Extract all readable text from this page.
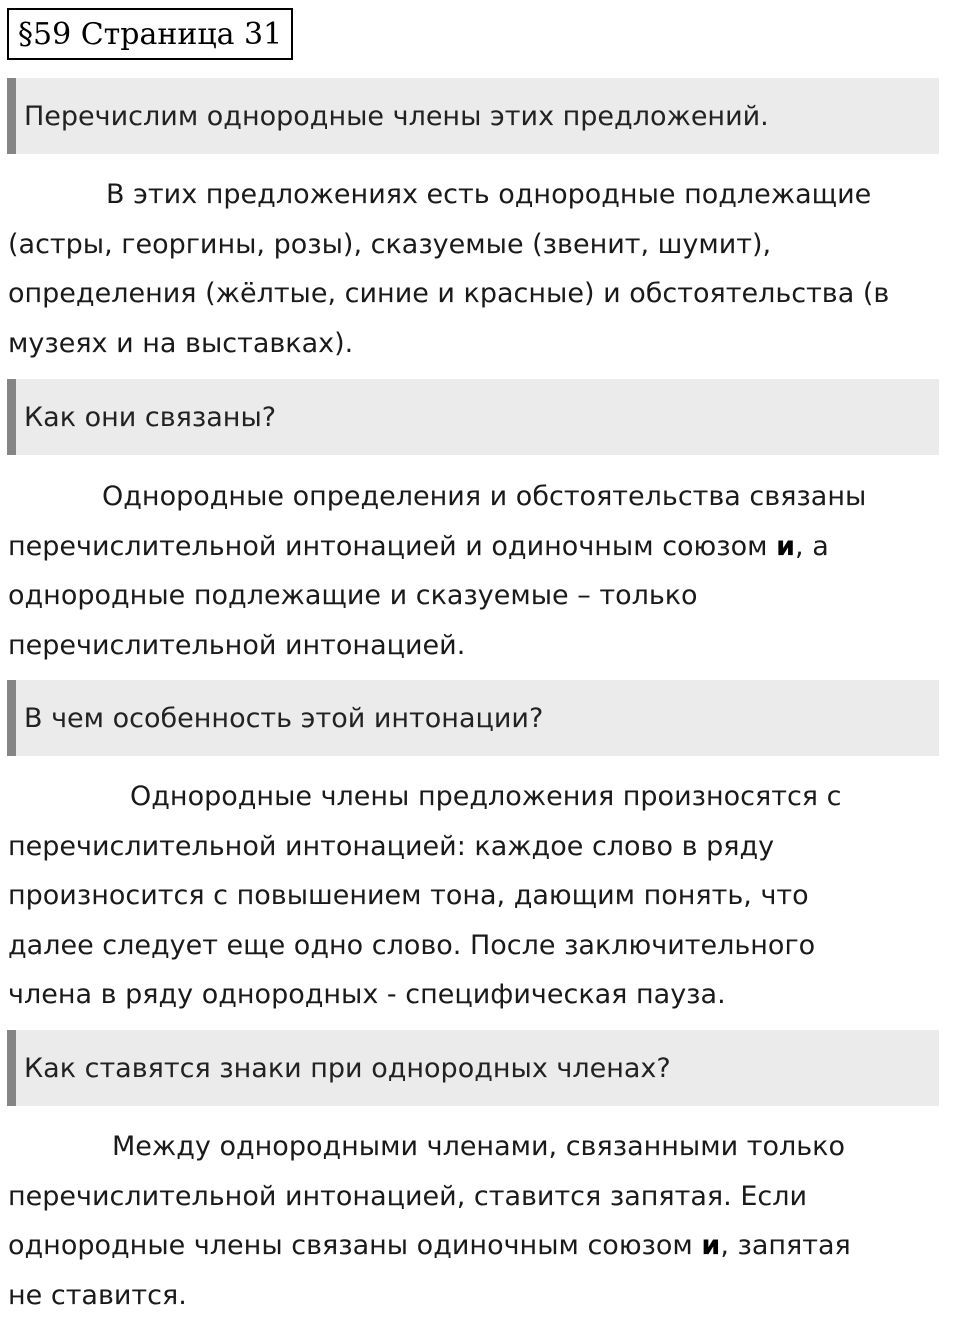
§59 Страница 31
Перечислим однородные члены этих предложений.
В этих предложениях есть однородные подлежащие
(астры, георгины, розы), сказуемые (звенит, шумит),
определения (жёлтые, синие и красные) и обстоятельства (в
музеях и на выставках).
Как они связаны?
Однородные определения и обстоятельства связаны
перечислительной интонацией и одиночным союзом и, а
однородные подлежащие и сказуемые – только
перечислительной интонацией.
В чем особенность этой интонации?
Однородные члены предложения произносятся с
перечислительной интонацией: каждое слово в ряду
произносится с повышением тона, дающим понять, что
далее следует еще одно слово. После заключительного
члена в ряду однородных - специфическая пауза.
Как ставятся знаки при однородных членах?
Между однородными членами, связанными только
перечислительной интонацией, ставится запятая. Если
однородные члены связаны одиночным союзом и, запятая
не ставится.
